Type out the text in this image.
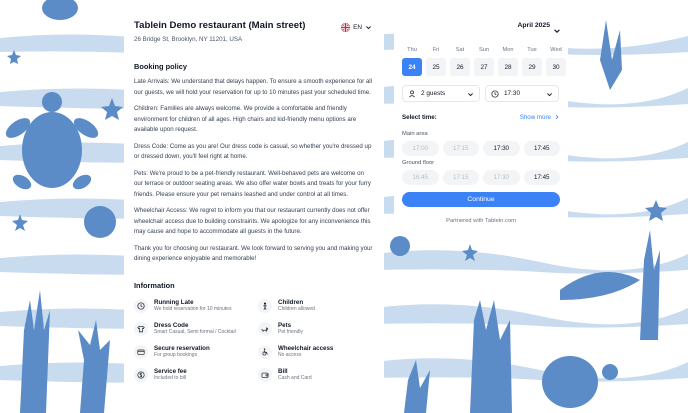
Tablein Demo restaurant (Main street)
26 Bridge St, Brooklyn, NY 11201, USA
EN
Booking policy

Late Arrivals: We understand that delays happen. To ensure a smooth experience for all our guests, we will hold your reservation for up to 10 minutes past your scheduled time.

Children: Families are always welcome. We provide a comfortable and friendly environment for children of all ages. High chairs and kid-friendly menu options are available upon request.

Dress Code: Come as you are! Our dress code is casual, so whether you're dressed up or dressed down, you'll feel right at home.

Pets: We're proud to be a pet-friendly restaurant. Well-behaved pets are welcome on our terrace or outdoor seating areas. We also offer water bowls and treats for your furry friends. Please ensure your pet remains leashed and under control at all times.

Wheelchair Access: We regret to inform you that our restaurant currently does not offer wheelchair access due to building constraints. We apologize for any inconvenience this may cause and hope to accommodate all guests in the future.

Thank you for choosing our restaurant. We look forward to serving you and making your dining experience enjoyable and memorable!

Information
Running Late
We hold reservation for 10 minutes
Children
Children allowed
Dress Code
Smart Casual, Semi formal / Cocktail
Pets
Pet friendly
Secure reservation
For group bookings
Wheelchair access
No access
Service fee
Included to bill
Bill
Cash and Card
April 2025
Thu
24
Fri
25
Sat
26
Sun
27
Mon
28
Tue
29
Wed
30
2 guests	17:30
Select time:	Show more
Main area
17:00	17:15	17:30	17:45
Ground floor
16:45	17:15	17:30	17:45
Continue
Partnered with Tablein.com
